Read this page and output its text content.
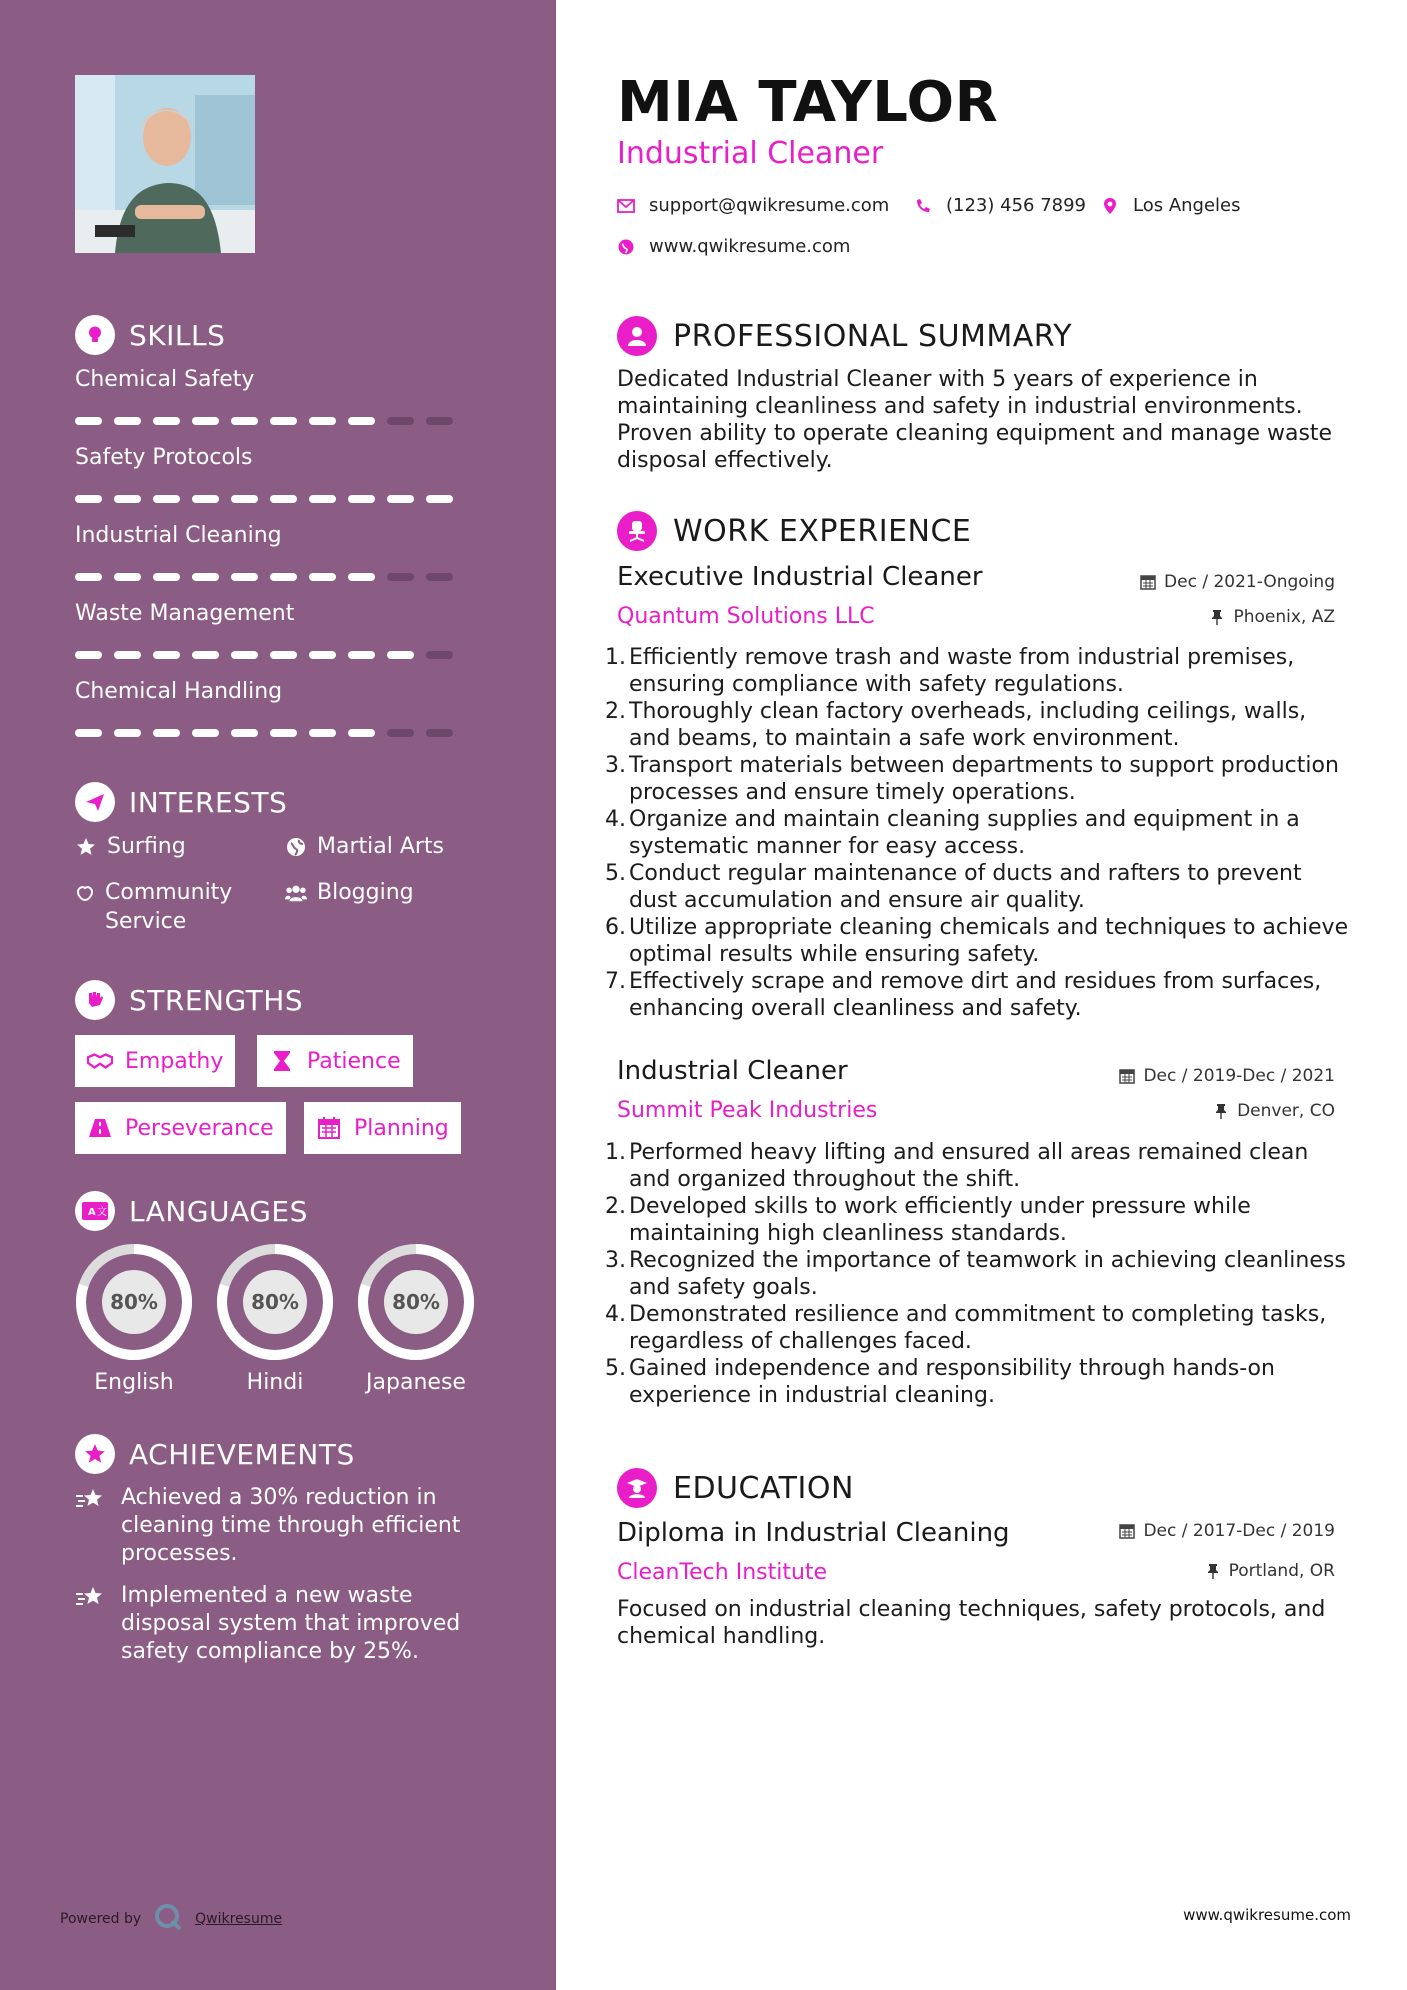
SKILLS
Chemical Safety
Safety Protocols
Industrial Cleaning
Waste Management
Chemical Handling
INTERESTS
Surfing	Martial Arts
Community Service
Blogging
STRENGTHS
Empathy	Patience
Perseverance	Planning
A 文 LANGUAGES
80%
English
80%
Hindi
80%
Japanese
ACHIEVEMENTS
Achieved a 30% reduction in cleaning time through efficient processes.
Implemented a new waste disposal system that improved safety compliance by 25%.
Powered by	Qwikresume
MIA TAYLOR
Industrial Cleaner
support@qwikresume.com	(123) 456 7899	Los Angeles
www.qwikresume.com
PROFESSIONAL SUMMARY
Dedicated Industrial Cleaner with 5 years of experience in maintaining cleanliness and safety in industrial environments. Proven ability to operate cleaning equipment and manage waste disposal effectively.
WORK EXPERIENCE
Executive Industrial Cleaner	Dec / 2021-Ongoing
Quantum Solutions LLC	Phoenix, AZ
1. Efficiently remove trash and waste from industrial premises, ensuring compliance with safety regulations.
2. Thoroughly clean factory overheads, including ceilings, walls, and beams, to maintain a safe work environment.
3. Transport materials between departments to support production processes and ensure timely operations.
4. Organize and maintain cleaning supplies and equipment in a systematic manner for easy access.
5. Conduct regular maintenance of ducts and rafters to prevent dust accumulation and ensure air quality.
6. Utilize appropriate cleaning chemicals and techniques to achieve optimal results while ensuring safety.
7. Effectively scrape and remove dirt and residues from surfaces, enhancing overall cleanliness and safety.
Industrial Cleaner	Dec / 2019-Dec / 2021
Summit Peak Industries	Denver, CO
1. Performed heavy lifting and ensured all areas remained clean and organized throughout the shift.
2. Developed skills to work efficiently under pressure while maintaining high cleanliness standards.
3. Recognized the importance of teamwork in achieving cleanliness and safety goals.
4. Demonstrated resilience and commitment to completing tasks, regardless of challenges faced.
5. Gained independence and responsibility through hands-on experience in industrial cleaning.
EDUCATION
Diploma in Industrial Cleaning	Dec / 2017-Dec / 2019
CleanTech Institute	Portland, OR
Focused on industrial cleaning techniques, safety protocols, and chemical handling.
www.qwikresume.com
